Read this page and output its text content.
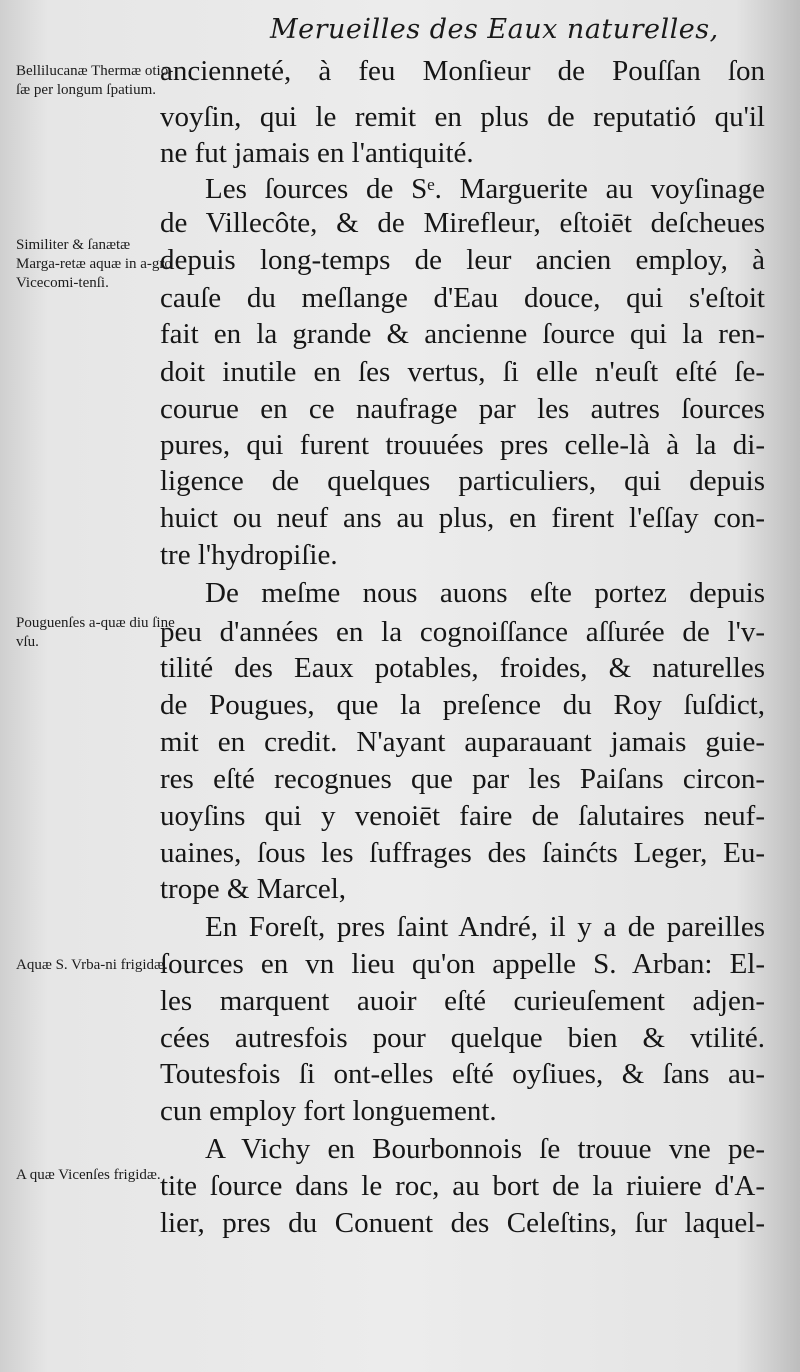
Meruеilles des Eaux naturelles,
Bellilucanæ Thermæ otio-ſæ per longum ſpatium.
Similiter & ſanætæ Marga-retæ aquæ in a-gro Vicecomi-tenſi.
Pouguenſes a-quæ diu ſine vſu.
Aquæ S. Vrba-ni frigidæ.
A quæ Vicenſes frigidæ.
ancienneté, à feu Monſieur de Pouſſan ſon
voyſin, qui le remit en plus de reputatió qu'il
ne fut jamais en l'antiquité.
Les ſources de Sᵉ. Marguerite au voyſinage
de Villecôte, & de Mirefleur, eſtoiēt deſcheues
depuis long-temps de leur ancien employ, à
cauſe du meſlange d'Eau douce, qui s'eſtoit
fait en la grande & ancienne ſource qui la ren-
doit inutile en ſes vertus, ſi elle n'euſt eſté ſe-
courue en ce naufrage par les autres ſources
pures, qui furent trouuées pres celle-là à la di-
ligence de quelques particuliers, qui depuis
huict ou neuf ans au plus, en firent l'eſſay con-
tre l'hydropiſie.
De meſme nous auons eſte portez depuis
peu d'années en la cognoiſſance aſſurée de l'v-
tilité des Eaux potables, froides, & naturelles
de Pougues, que la preſence du Roy ſuſdict,
mit en credit. N'ayant auparauant jamais guie-
res eſté recognues que par les Paiſans circon-
uoyſins qui y venoiēt faire de ſalutaires neuf-
uaines, ſous les ſuffrages des ſainćts Leger, Eu-
trope & Marcel,
En Foreſt, pres ſaint André, il y a de pareilles
ſources en vn lieu qu'on appelle S. Arban: El-
les marquent auoir eſté curieuſement adjen-
cées autresfois pour quelque bien & vtilité.
Toutesfois ſi ont-elles eſté oyſiues, & ſans au-
cun employ fort longuement.
A Vichy en Bourbonnois ſe trouue vne pe-
tite ſource dans le roc, au bort de la riuiere d'A-
lier, pres du Conuent des Celeſtins, ſur laquel-
